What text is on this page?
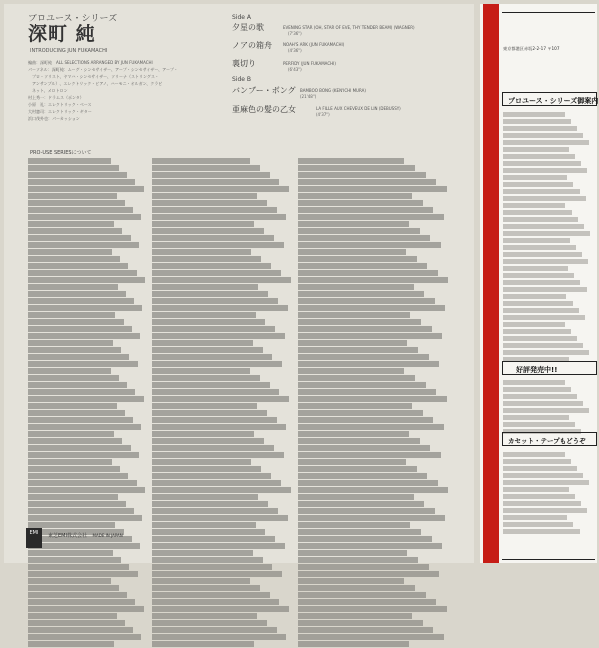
プロユース・シリーズ
深町 純
INTRODUCING JUN FUKAMACHI
編曲：深町純　ALL SELECTIONS ARRANGED BY JUN FUKAMACHI
パーソネル：深町純：ムーグ・シンセサイザー、アープ・シンセサイザー、アープ・
　プロ・ソリスト、ヤマハ・シンセサイザー、ソリーナ（ストリングス・
　アンサンブル）、エレクトリック・ピアノ、ハーモニ・オルガン、クラビ
　ネット、メロトロン
村上秀一：ドラムス（ポンタ）
小原　礼：エレクトリック・ベース
大村憲司：エレクトリック・ギター
浜口茂外也：パーカッション
Side A
夕星の歌	EVENING STAR (OH, STAR OF EVE, THY TENDER BEAM) (WAGNER)
(7'36")
ノアの箱舟	NOAH'S ARK (JUN FUKAMACHI)
(4'36")
裏切り	PERFIDY (JUN FUKAMACHI)
(6'43")
Side B
バンブー・ボング BAMBOO BONG (KEN'ICHI MURA)
(21'48")
亜麻色の髪の乙女	LA FILLE AUX CHEVEUX DE LIN (DEBUSSY)
(4'37")
PRO-USE SERIESについて
EMI	東芝EMI株式会社 MADE IN JAPAN
東京都港区赤坂2-2-17 〒107
プロユース・シリーズ御案内
好評発売中!!
カセット・テープもどうぞ
